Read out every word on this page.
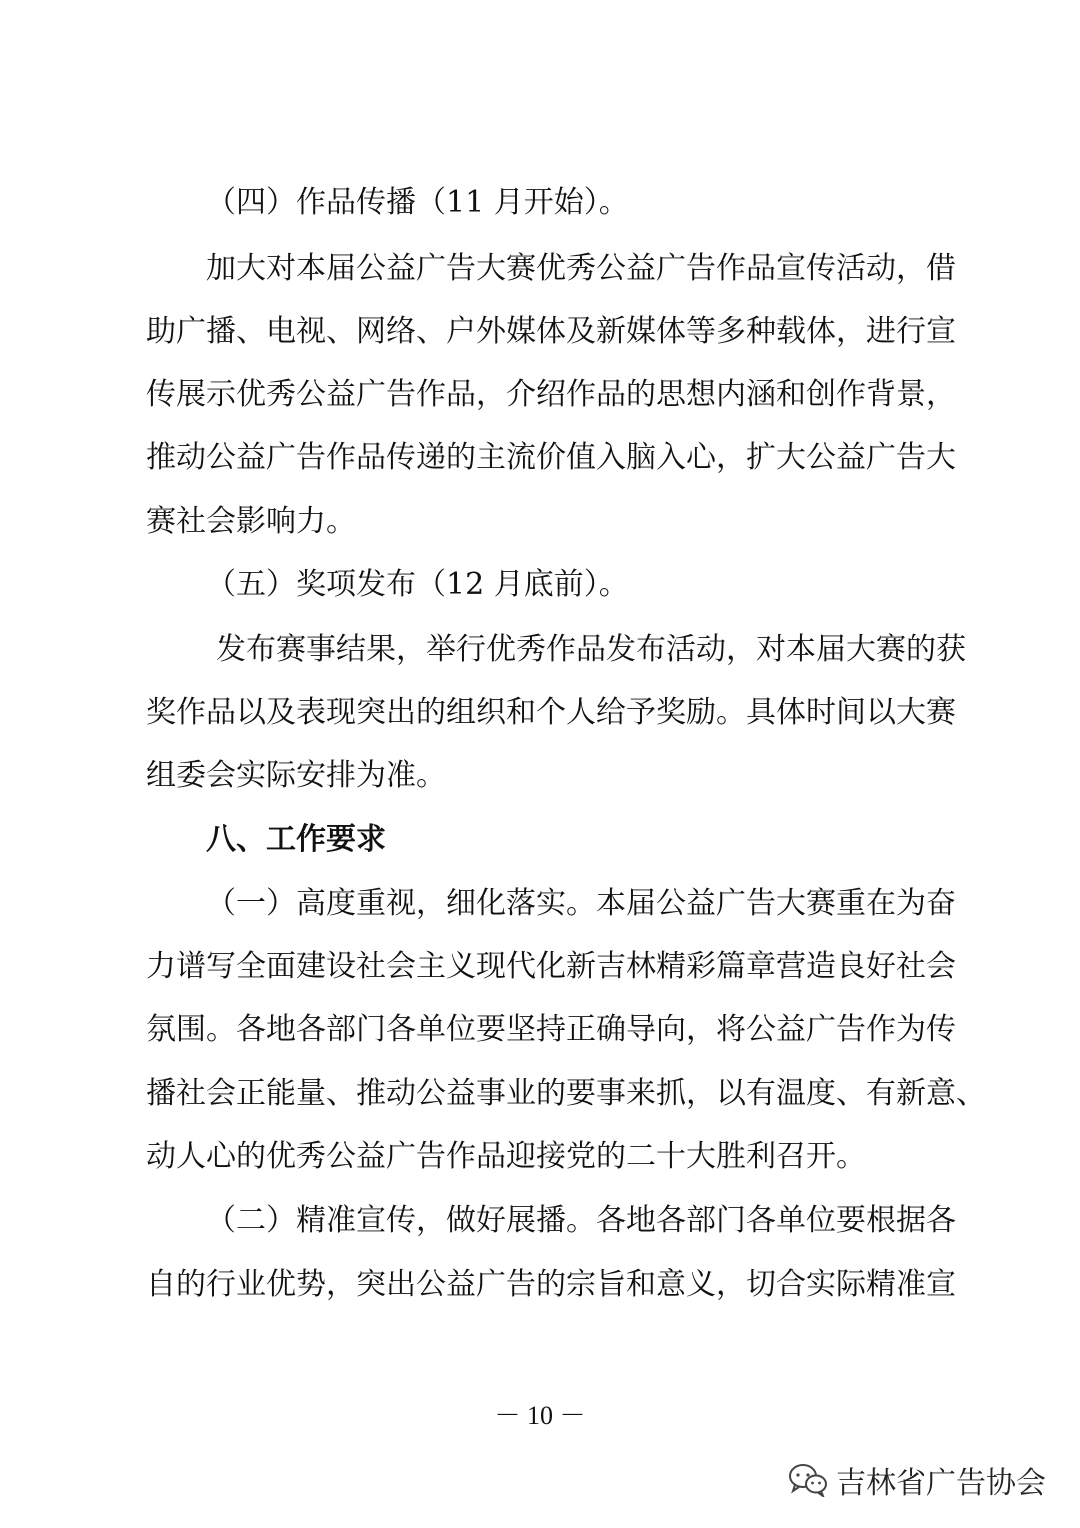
（四）作品传播（11 月开始）。
加大对本届公益广告大赛优秀公益广告作品宣传活动，借
助广播、电视、网络、户外媒体及新媒体等多种载体，进行宣
传展示优秀公益广告作品，介绍作品的思想内涵和创作背景，
推动公益广告作品传递的主流价值入脑入心，扩大公益广告大
赛社会影响力。
（五）奖项发布（12 月底前）。
发布赛事结果，举行优秀作品发布活动，对本届大赛的获
奖作品以及表现突出的组织和个人给予奖励。具体时间以大赛
组委会实际安排为准。
八、工作要求
（一）高度重视，细化落实。本届公益广告大赛重在为奋
力谱写全面建设社会主义现代化新吉林精彩篇章营造良好社会
氛围。各地各部门各单位要坚持正确导向，将公益广告作为传
播社会正能量、推动公益事业的要事来抓，以有温度、有新意、
动人心的优秀公益广告作品迎接党的二十大胜利召开。
（二）精准宣传，做好展播。各地各部门各单位要根据各
自的行业优势，突出公益广告的宗旨和意义，切合实际精准宣
－ 10 －
吉林省广告协会
